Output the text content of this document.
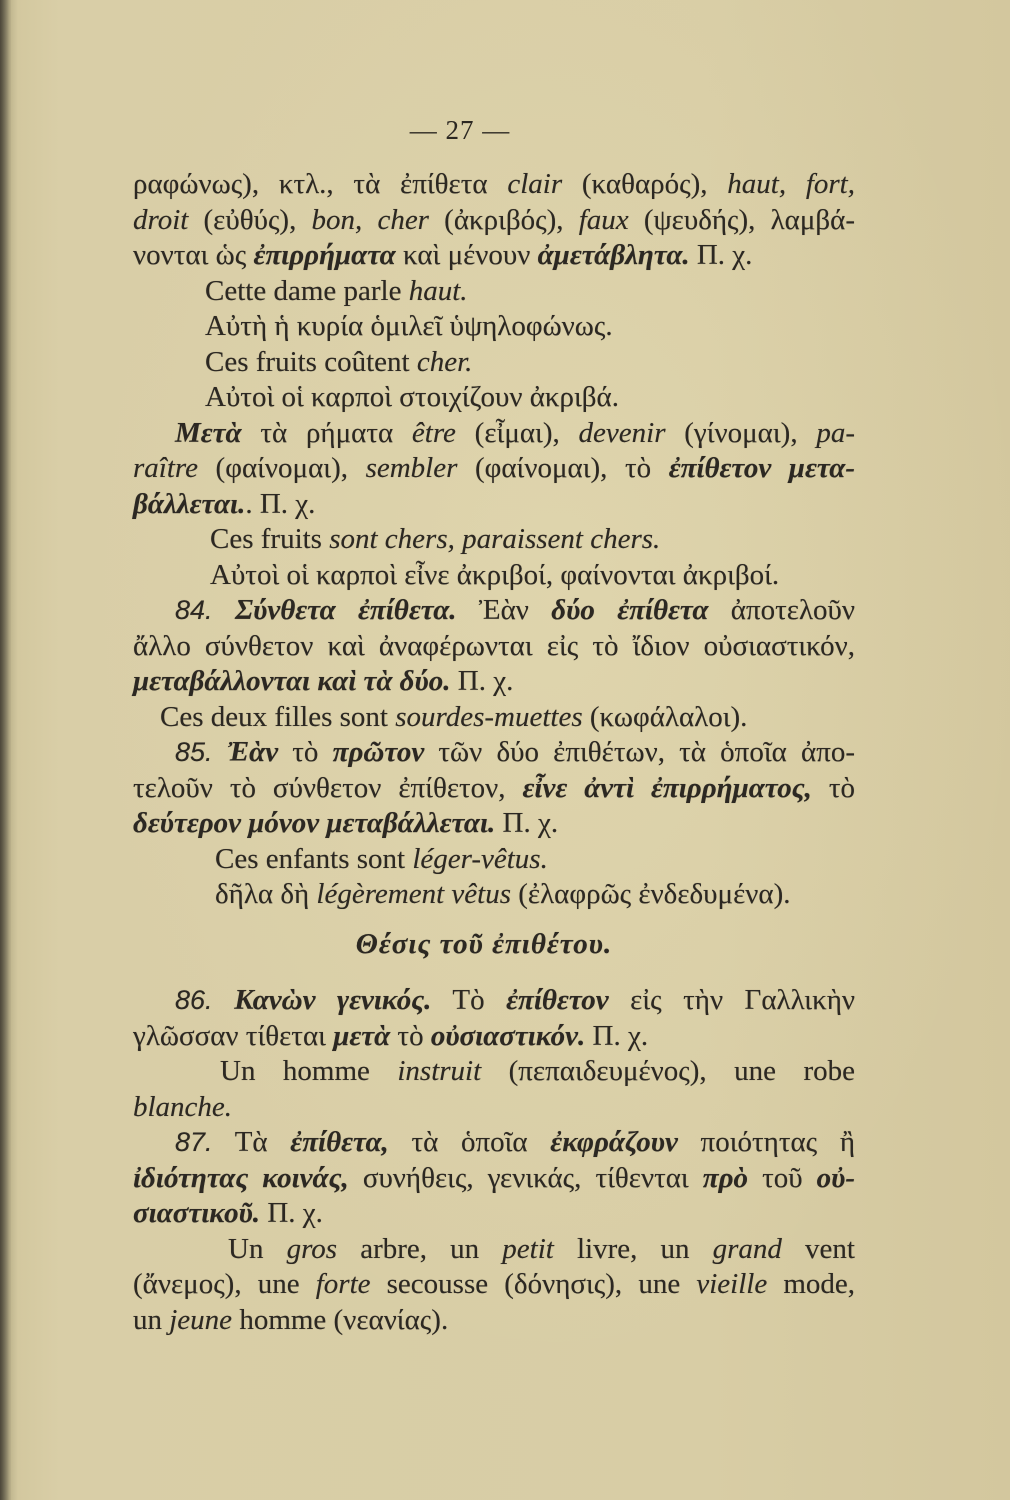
— 27 —
ραφώνως), κτλ., τὰ ἐπίθετα clair (καθαρός), haut, fort,
droit (εὐθύς), bon, cher (ἀκριβός), faux (ψευδής), λαμβά-
νονται ὡς ἐπιρρήματα καὶ μένουν ἀμετάβλητα. Π. χ.
Cette dame parle haut.
Αὐτὴ ἡ κυρία ὁμιλεῖ ὑψηλοφώνως.
Ces fruits coûtent cher.
Αὐτοὶ οἱ καρποὶ στοιχίζουν ἀκριβά.
Μετὰ τὰ ρήματα être (εἶμαι), devenir (γίνομαι), pa-
raître (φαίνομαι), sembler (φαίνομαι), τὸ ἐπίθετον μετα-
βάλλεται.. Π. χ.
Ces fruits sont chers, paraissent chers.
Αὐτοὶ οἱ καρποὶ εἶνε ἀκριβοί, φαίνονται ἀκριβοί.
84. Σύνθετα ἐπίθετα. Ἐὰν δύο ἐπίθετα ἀποτελοῦν
ἄλλο σύνθετον καὶ ἀναφέρωνται εἰς τὸ ἴδιον οὐσιαστικόν,
μεταβάλλονται καὶ τὰ δύο. Π. χ.
Ces deux filles sont sourdes-muettes (κωφάλαλοι).
85. Ἐὰν τὸ πρῶτον τῶν δύο ἐπιθέτων, τὰ ὁποῖα ἀπο-
τελοῦν τὸ σύνθετον ἐπίθετον, εἶνε ἀντὶ ἐπιρρήματος, τὸ
δεύτερον μόνον μεταβάλλεται. Π. χ.
Ces enfants sont léger-vêtus.
δῆλα δὴ légèrement vêtus (ἐλαφρῶς ἐνδεδυμένα).
Θέσις τοῦ ἐπιθέτου.
86. Κανὼν γενικός. Τὸ ἐπίθετον εἰς τὴν Γαλλικὴν
γλῶσσαν τίθεται μετὰ τὸ οὐσιαστικόν. Π. χ.
Un homme instruit (πεπαιδευμένος), une robe
blanche.
87. Τὰ ἐπίθετα, τὰ ὁποῖα ἐκφράζουν ποιότητας ἢ
ἰδιότητας κοινάς, συνήθεις, γενικάς, τίθενται πρὸ τοῦ οὐ-
σιαστικοῦ. Π. χ.
Un gros arbre, un petit livre, un grand vent
(ἄνεμος), une forte secousse (δόνησις), une vieille mode,
un jeune homme (νεανίας).
